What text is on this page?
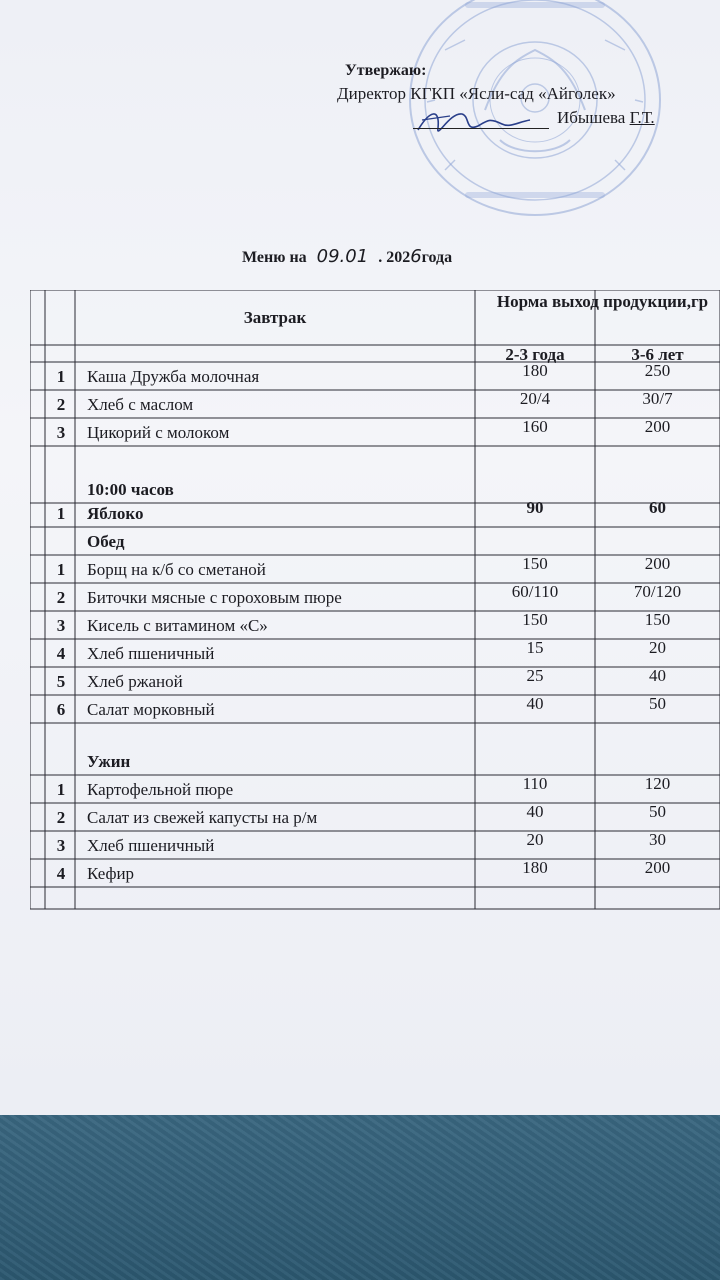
Утвержаю:
Директор КГКП «Ясли-сад «Айголек»
Ибышева Г.Т.
Меню на 09.01 . 2026года
Завтрак
Норма выход продукции,гр
2-3 года	3-6 лет
1	Каша Дружба молочная	180	250
2	Хлеб с маслом	20/4	30/7
3	Цикорий с молоком	160	200
10:00 часов
1	Яблоко	90	60
Обед
1	Борщ на к/б со сметаной	150	200
2	Биточки мясные с гороховым пюре	60/110	70/120
3	Кисель с витамином «С»	150	150
4	Хлеб пшеничный	15	20
5	Хлеб ржаной	25	40
6	Салат морковный	40	50
Ужин
1	Картофельной пюре	110	120
2	Салат из свежей капусты на р/м	40	50
3	Хлеб пшеничный	20	30
4	Кефир	180	200
